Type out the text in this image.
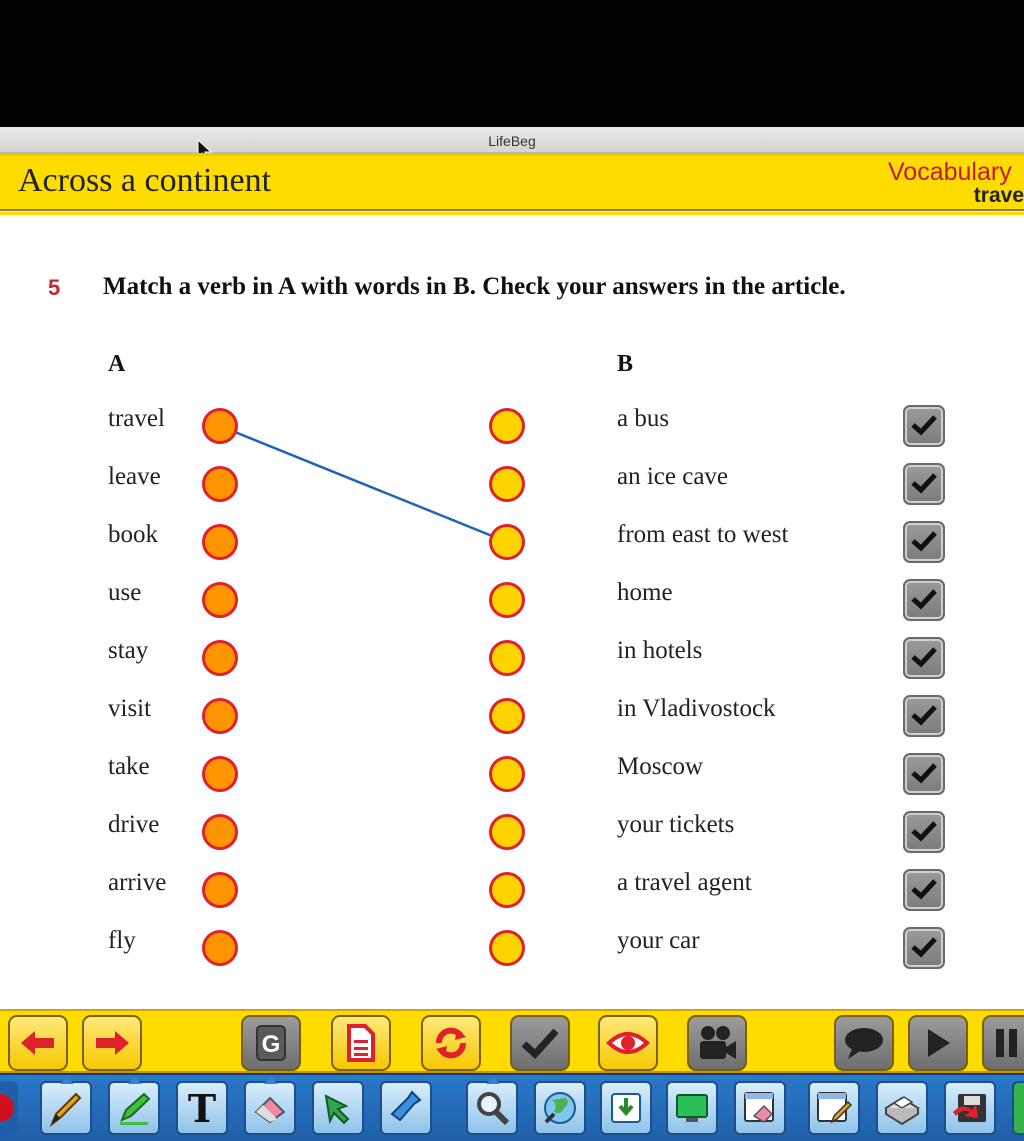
LifeBeg
Across a continent	Vocabulary
trave
5 Match a verb in A with words in B. Check your answers in the article.
A	B
travel	a bus
leave	an ice cave
book	from east to west
use	home
stay	in hotels
visit	in Vladivostock
take	Moscow
drive	your tickets
arrive	a travel agent
fly	your car
G
T
